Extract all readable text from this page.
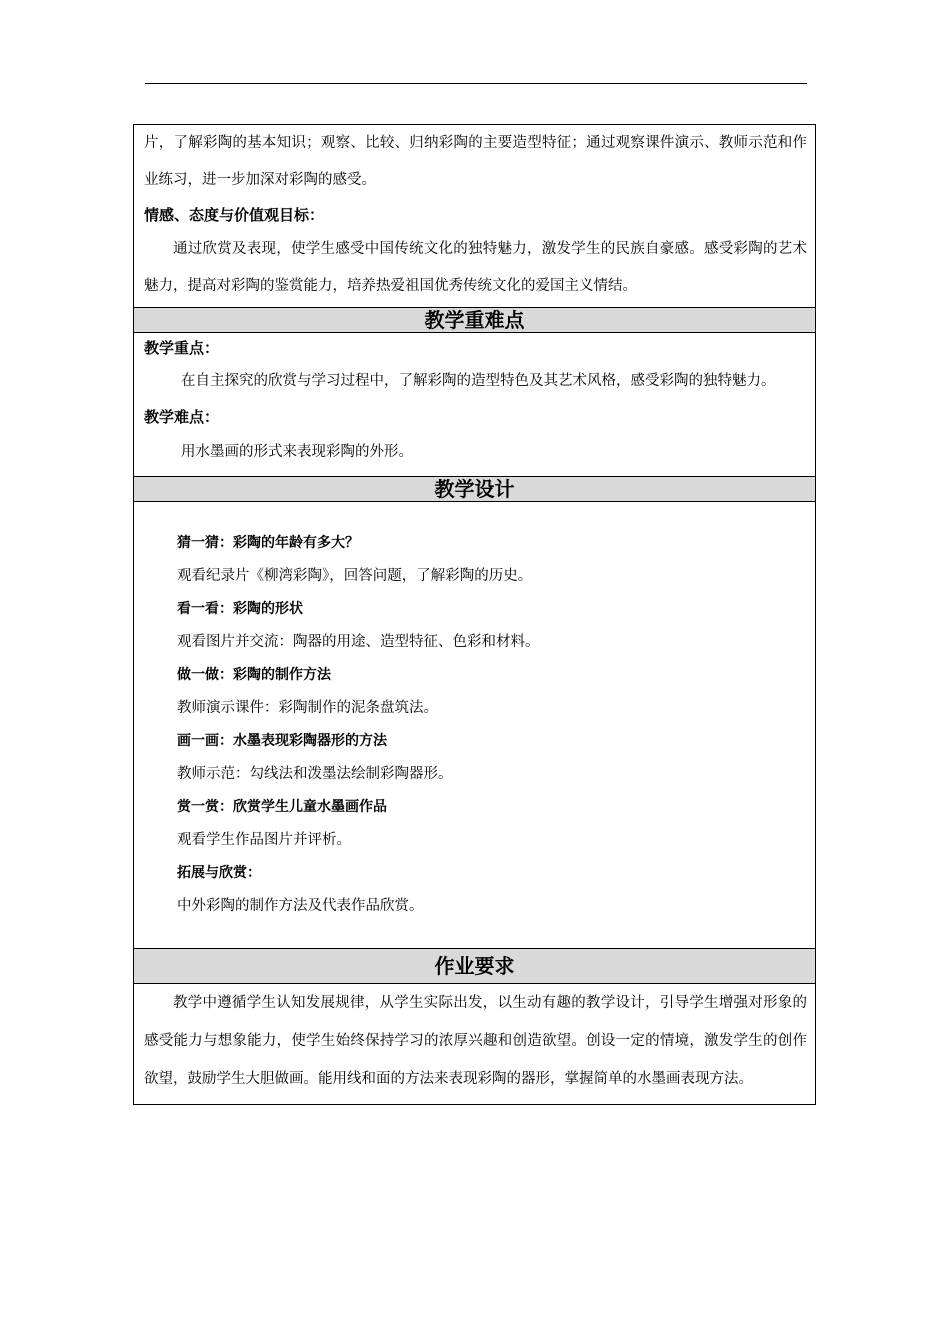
片，了解彩陶的基本知识；观察、比较、归纳彩陶的主要造型特征；通过观察课件演示、教师示范和作业练习，进一步加深对彩陶的感受。
情感、态度与价值观目标：
通过欣赏及表现，使学生感受中国传统文化的独特魅力，激发学生的民族自豪感。感受彩陶的艺术魅力，提高对彩陶的鉴赏能力，培养热爱祖国优秀传统文化的爱国主义情结。
教学重难点
教学重点：
在自主探究的欣赏与学习过程中，了解彩陶的造型特色及其艺术风格，感受彩陶的独特魅力。
教学难点：
用水墨画的形式来表现彩陶的外形。
教学设计
猜一猜：彩陶的年龄有多大？
观看纪录片《柳湾彩陶》，回答问题，了解彩陶的历史。
看一看：彩陶的形状
观看图片并交流：陶器的用途、造型特征、色彩和材料。
做一做：彩陶的制作方法
教师演示课件：彩陶制作的泥条盘筑法。
画一画：水墨表现彩陶器形的方法
教师示范：勾线法和泼墨法绘制彩陶器形。
赏一赏：欣赏学生儿童水墨画作品
观看学生作品图片并评析。
拓展与欣赏：
中外彩陶的制作方法及代表作品欣赏。
作业要求
教学中遵循学生认知发展规律，从学生实际出发，以生动有趣的教学设计，引导学生增强对形象的感受能力与想象能力，使学生始终保持学习的浓厚兴趣和创造欲望。创设一定的情境，激发学生的创作欲望，鼓励学生大胆做画。能用线和面的方法来表现彩陶的器形，掌握简单的水墨画表现方法。
